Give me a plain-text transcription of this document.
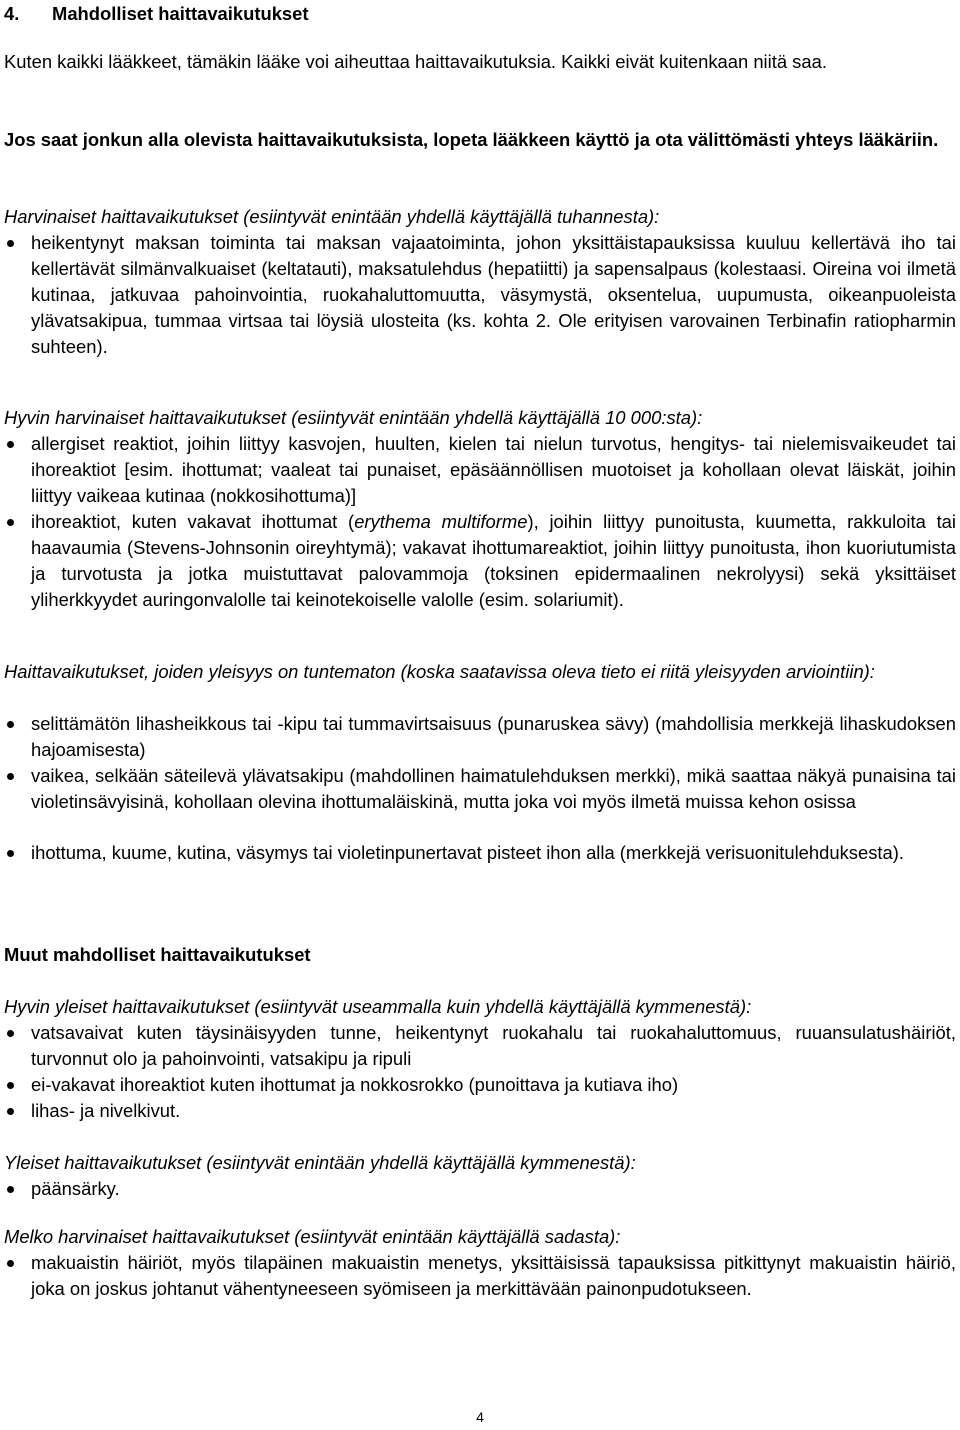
4. Mahdolliset haittavaikutukset
Kuten kaikki lääkkeet, tämäkin lääke voi aiheuttaa haittavaikutuksia. Kaikki eivät kuitenkaan niitä saa.
Jos saat jonkun alla olevista haittavaikutuksista, lopeta lääkkeen käyttö ja ota välittömästi yhteys lääkäriin.
Harvinaiset haittavaikutukset (esiintyvät enintään yhdellä käyttäjällä tuhannesta):
heikentynyt maksan toiminta tai maksan vajaatoiminta, johon yksittäistapauksissa kuuluu kellertävä iho tai kellertävät silmänvalkuaiset (keltatauti), maksatulehdus (hepatiitti) ja sapensalpaus (kolestaasi. Oireina voi ilmetä kutinaa, jatkuvaa pahoinvointia, ruokahaluttomuutta, väsymystä, oksentelua, uupumusta, oikeanpuoleista ylävatsakipua, tummaa virtsaa tai löysiä ulosteita (ks. kohta 2. Ole erityisen varovainen Terbinafin ratiopharmin suhteen).
Hyvin harvinaiset haittavaikutukset (esiintyvät enintään yhdellä käyttäjällä 10 000:sta):
allergiset reaktiot, joihin liittyy kasvojen, huulten, kielen tai nielun turvotus, hengitys- tai nielemisvaikeudet tai ihoreaktiot [esim. ihottumat; vaaleat tai punaiset, epäsäännöllisen muotoiset ja kohollaan olevat läiskät, joihin liittyy vaikeaa kutinaa (nokkosihottuma)]
ihoreaktiot, kuten vakavat ihottumat (erythema multiforme), joihin liittyy punoitusta, kuumetta, rakkuloita tai haavaumia (Stevens-Johnsonin oireyhtymä); vakavat ihottumareaktiot, joihin liittyy punoitusta, ihon kuoriutumista ja turvotusta ja jotka muistuttavat palovammoja (toksinen epidermaalinen nekrolyysi) sekä yksittäiset yliherkkyydet auringonvalolle tai keinotekoiselle valolle (esim. solariumit).
Haittavaikutukset, joiden yleisyys on tuntematon (koska saatavissa oleva tieto ei riitä yleisyyden arviointiin):
selittämätön lihasheikkous tai -kipu tai tummavirtsaisuus (punaruskea sävy) (mahdollisia merkkejä lihaskudoksen hajoamisesta)
vaikea, selkään säteilevä ylävatsakipu (mahdollinen haimatulehduksen merkki), mikä saattaa näkyä punaisina tai violetinsävyisinä, kohollaan olevina ihottumaläiskinä, mutta joka voi myös ilmetä muissa kehon osissa
ihottuma, kuume, kutina, väsymys tai violetinpunertavat pisteet ihon alla (merkkejä verisuonitulehduksesta).
Muut mahdolliset haittavaikutukset
Hyvin yleiset haittavaikutukset (esiintyvät useammalla kuin yhdellä käyttäjällä kymmenestä):
vatsavaivat kuten täysinäisyyden tunne, heikentynyt ruokahalu tai ruokahaluttomuus, ruuansulatushäiriöt, turvonnut olo ja pahoinvointi, vatsakipu ja ripuli
ei-vakavat ihoreaktiot kuten ihottumat ja nokkosrokko (punoittava ja kutiava iho)
lihas- ja nivelkivut.
Yleiset haittavaikutukset (esiintyvät enintään yhdellä käyttäjällä kymmenestä):
päänsärky.
Melko harvinaiset haittavaikutukset (esiintyvät enintään käyttäjällä sadasta):
makuaistin häiriöt, myös tilapäinen makuaistin menetys, yksittäisissä tapauksissa pitkittynyt makuaistin häiriö, joka on joskus johtanut vähentyneeseen syömiseen ja merkittävään painonpudotukseen.
4
